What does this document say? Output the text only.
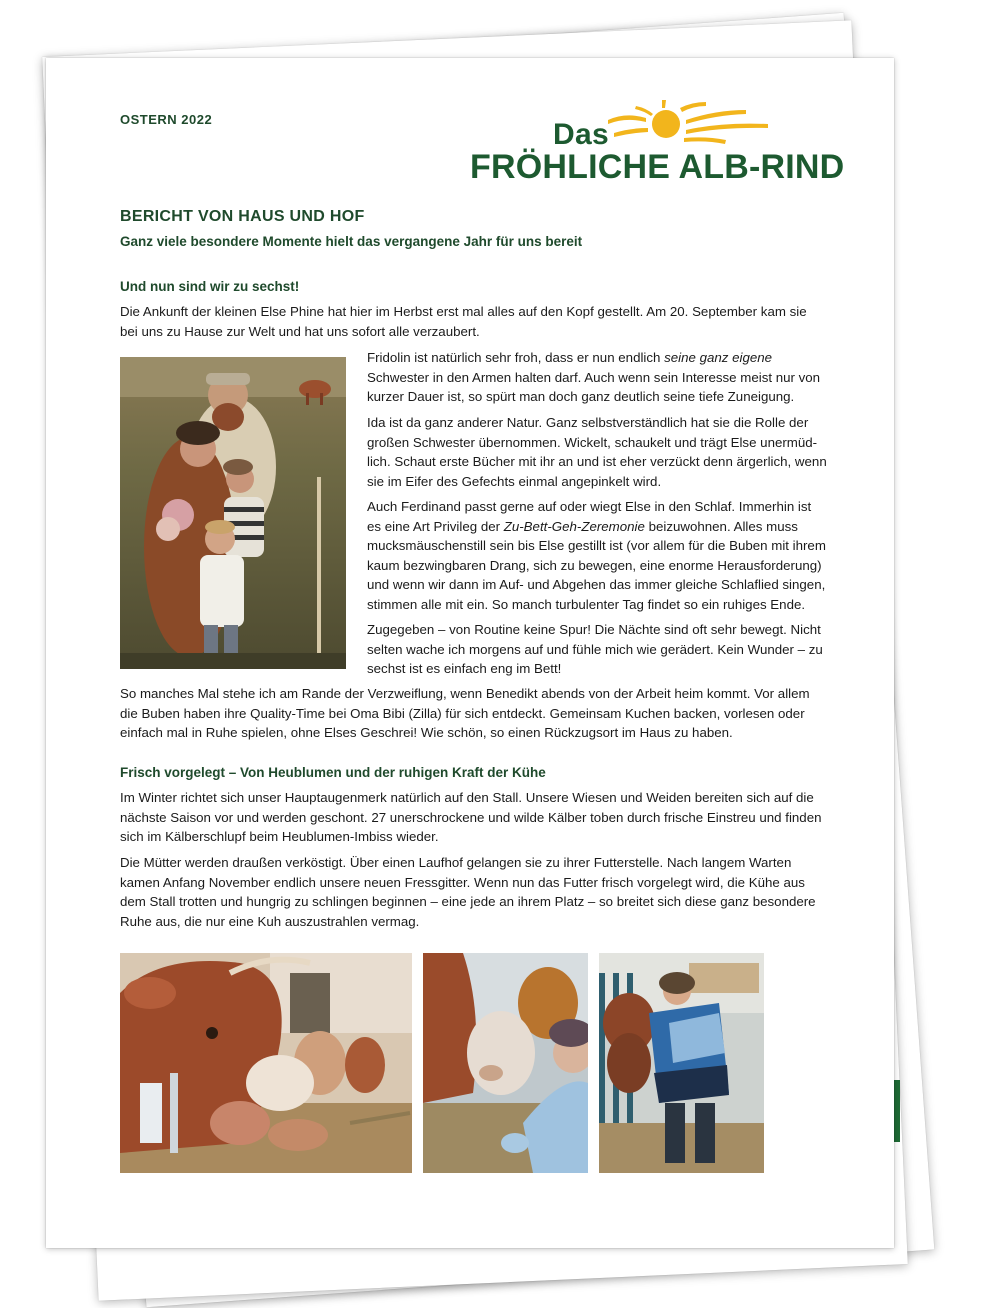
OSTERN 2022	Das
FRÖHLICHE ALB-RIND
BERICHT VON HAUS UND HOF
Ganz viele besondere Momente hielt das vergangene Jahr für uns bereit
Und nun sind wir zu sechst!
Die Ankunft der kleinen Else Phine hat hier im Herbst erst mal alles auf den Kopf gestellt. Am 20. September kam sie bei uns zu Hause zur Welt und hat uns sofort alle verzaubert.
Fridolin ist natürlich sehr froh, dass er nun endlich seine ganz eigene Schwester in den Armen halten darf. Auch wenn sein Interesse meist nur von kurzer Dauer ist, so spürt man doch ganz deutlich seine tiefe Zuneigung.
Ida ist da ganz anderer Natur. Ganz selbstverständlich hat sie die Rolle der großen Schwester übernommen. Wickelt, schaukelt und trägt Else unermüdlich. Schaut erste Bücher mit ihr an und ist eher verzückt denn ärgerlich, wenn sie im Eifer des Gefechts einmal angepinkelt wird.
Auch Ferdinand passt gerne auf oder wiegt Else in den Schlaf. Immerhin ist es eine Art Privileg der Zu-Bett-Geh-Zeremonie beizuwohnen. Alles muss mucksmäuschenstill sein bis Else gestillt ist (vor allem für die Buben mit ihrem kaum bezwingbaren Drang, sich zu bewegen, eine enorme Herausforderung) und wenn wir dann im Auf- und Abgehen das immer gleiche Schlaflied singen, stimmen alle mit ein. So manch turbulenter Tag findet so ein ruhiges Ende.
Zugegeben – von Routine keine Spur! Die Nächte sind oft sehr bewegt. Nicht selten wache ich morgens auf und fühle mich wie gerädert. Kein Wunder – zu sechst ist es einfach eng im Bett!
So manches Mal stehe ich am Rande der Verzweiflung, wenn Benedikt abends von der Arbeit heim kommt. Vor allem die Buben haben ihre Quality-Time bei Oma Bibi (Zilla) für sich entdeckt. Gemeinsam Kuchen backen, vorlesen oder einfach mal in Ruhe spielen, ohne Elses Geschrei! Wie schön, so einen Rückzugsort im Haus zu haben.
Frisch vorgelegt – Von Heublumen und der ruhigen Kraft der Kühe
Im Winter richtet sich unser Hauptaugenmerk natürlich auf den Stall. Unsere Wiesen und Weiden bereiten sich auf die nächste Saison vor und werden geschont. 27 unerschrockene und wilde Kälber toben durch frische Einstreu und finden sich im Kälberschlupf beim Heublumen-Imbiss wieder.
Die Mütter werden draußen verköstigt. Über einen Laufhof gelangen sie zu ihrer Futterstelle. Nach langem Warten kamen Anfang November endlich unsere neuen Fressgitter. Wenn nun das Futter frisch vorgelegt wird, die Kühe aus dem Stall trotten und hungrig zu schlingen beginnen – eine jede an ihrem Platz – so breitet sich diese ganz besondere Ruhe aus, die nur eine Kuh auszustrahlen vermag.
